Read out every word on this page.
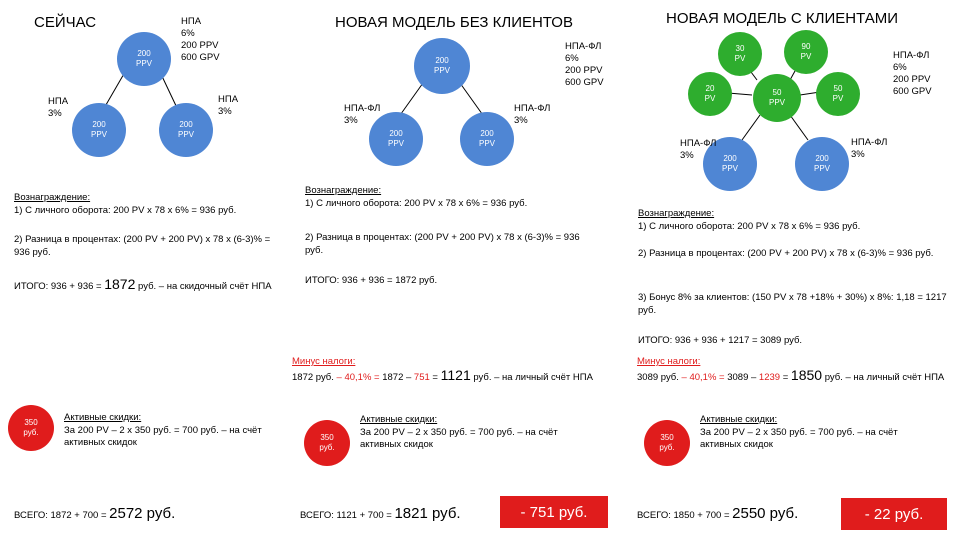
СЕЙЧАС
200
PPV
НПА
6%
200 PPV
600 GPV
200
PPV
200
PPV
НПА
3%
НПА
3%

Вознаграждение:

1) С личного оборота: 200 PV x 78 x 6% = 936 руб.

2) Разница в процентах: (200 PV + 200 PV) x 78 x (6-3)% = 936 руб.
ИТОГО: 936 + 936 = 1872 руб. – на скидочный счёт НПА
350
руб.

Активные скидки:

За 200 PV – 2 x 350 руб. = 700 руб. – на счёт активных скидок

ВСЕГО: 1872 + 700 = 2572 руб.
НОВАЯ МОДЕЛЬ БЕЗ КЛИЕНТОВ
200
PPV
НПА-ФЛ
6%
200 PPV
600 GPV
200
PPV
200
PPV
НПА-ФЛ
3%
НПА-ФЛ
3%

Вознаграждение:

1) С личного оборота: 200 PV x 78 x 6% = 936 руб.

2) Разница в процентах: (200 PV + 200 PV) x 78 x (6-3)% = 936 руб.
ИТОГО: 936 + 936 = 1872 руб.

Минус налоги:

1872 руб. – 40,1% = 1872 – 751 = 1121 руб. – на личный счёт НПА

350
руб.

Активные скидки:

За 200 PV – 2 x 350 руб. = 700 руб. – на счёт активных скидок

ВСЕГО: 1121 + 700 = 1821 руб.	- 751 руб.
НОВАЯ МОДЕЛЬ С КЛИЕНТАМИ
30
PV
90
PV
20
PV
50
PPV
50
PV
200
PPV
200
PPV
НПА-ФЛ
6%
200 PPV
600 GPV
НПА-ФЛ
3%
НПА-ФЛ
3%

Вознаграждение:

1) С личного оборота: 200 PV x 78 x 6% = 936 руб.

2) Разница в процентах: (200 PV + 200 PV) x 78 x (6-3)% = 936 руб.
3) Бонус 8% за клиентов: (150 PV x 78 +18% + 30%) x 8%: 1,18 = 1217 руб.
ИТОГО: 936 + 936 + 1217 = 3089 руб.

Минус налоги:

3089 руб. – 40,1% = 3089 – 1239 = 1850 руб. – на личный счёт НПА

350
руб.

Активные скидки:

За 200 PV – 2 x 350 руб. = 700 руб. – на счёт активных скидок

ВСЕГО: 1850 + 700 = 2550 руб.	- 22 руб.
